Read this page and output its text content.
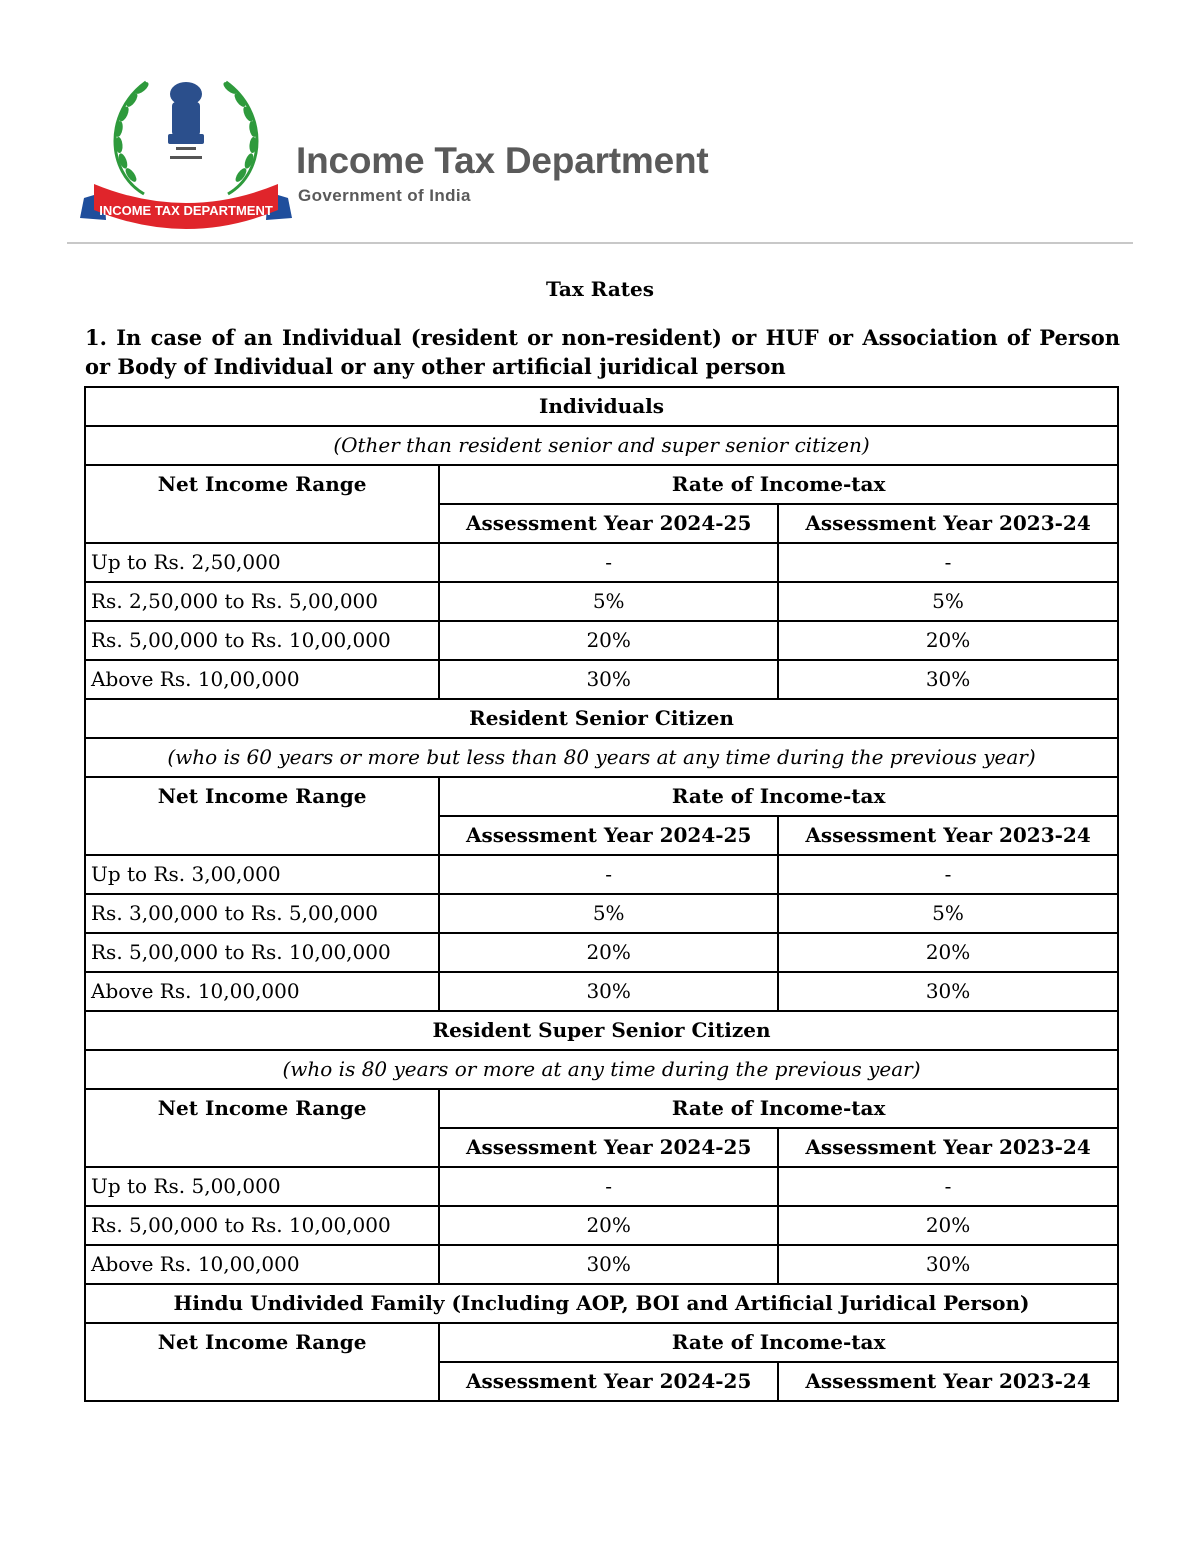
INCOME TAX DEPARTMENT
Income Tax Department
Government of India
Tax Rates
1. In case of an Individual (resident or non-resident) or HUF or Association of Person or Body of Individual or any other artificial juridical person
Individuals		
(Other than resident senior and super senior citizen)		
Net Income Range	Rate of Income-tax	
	Assessment Year 2024-25	Assessment Year 2023-24
Up to Rs. 2,50,000	-	-
Rs. 2,50,000 to Rs. 5,00,000	5%	5%
Rs. 5,00,000 to Rs. 10,00,000	20%	20%
Above Rs. 10,00,000	30%	30%
Resident Senior Citizen		
(who is 60 years or more but less than 80 years at any time during the previous year)		
Net Income Range	Rate of Income-tax	
	Assessment Year 2024-25	Assessment Year 2023-24
Up to Rs. 3,00,000	-	-
Rs. 3,00,000 to Rs. 5,00,000	5%	5%
Rs. 5,00,000 to Rs. 10,00,000	20%	20%
Above Rs. 10,00,000	30%	30%
Resident Super Senior Citizen		
(who is 80 years or more at any time during the previous year)		
Net Income Range	Rate of Income-tax	
	Assessment Year 2024-25	Assessment Year 2023-24
Up to Rs. 5,00,000	-	-
Rs. 5,00,000 to Rs. 10,00,000	20%	20%
Above Rs. 10,00,000	30%	30%
Hindu Undivided Family (Including AOP, BOI and Artificial Juridical Person)		
Net Income Range	Rate of Income-tax	
	Assessment Year 2024-25	Assessment Year 2023-24
